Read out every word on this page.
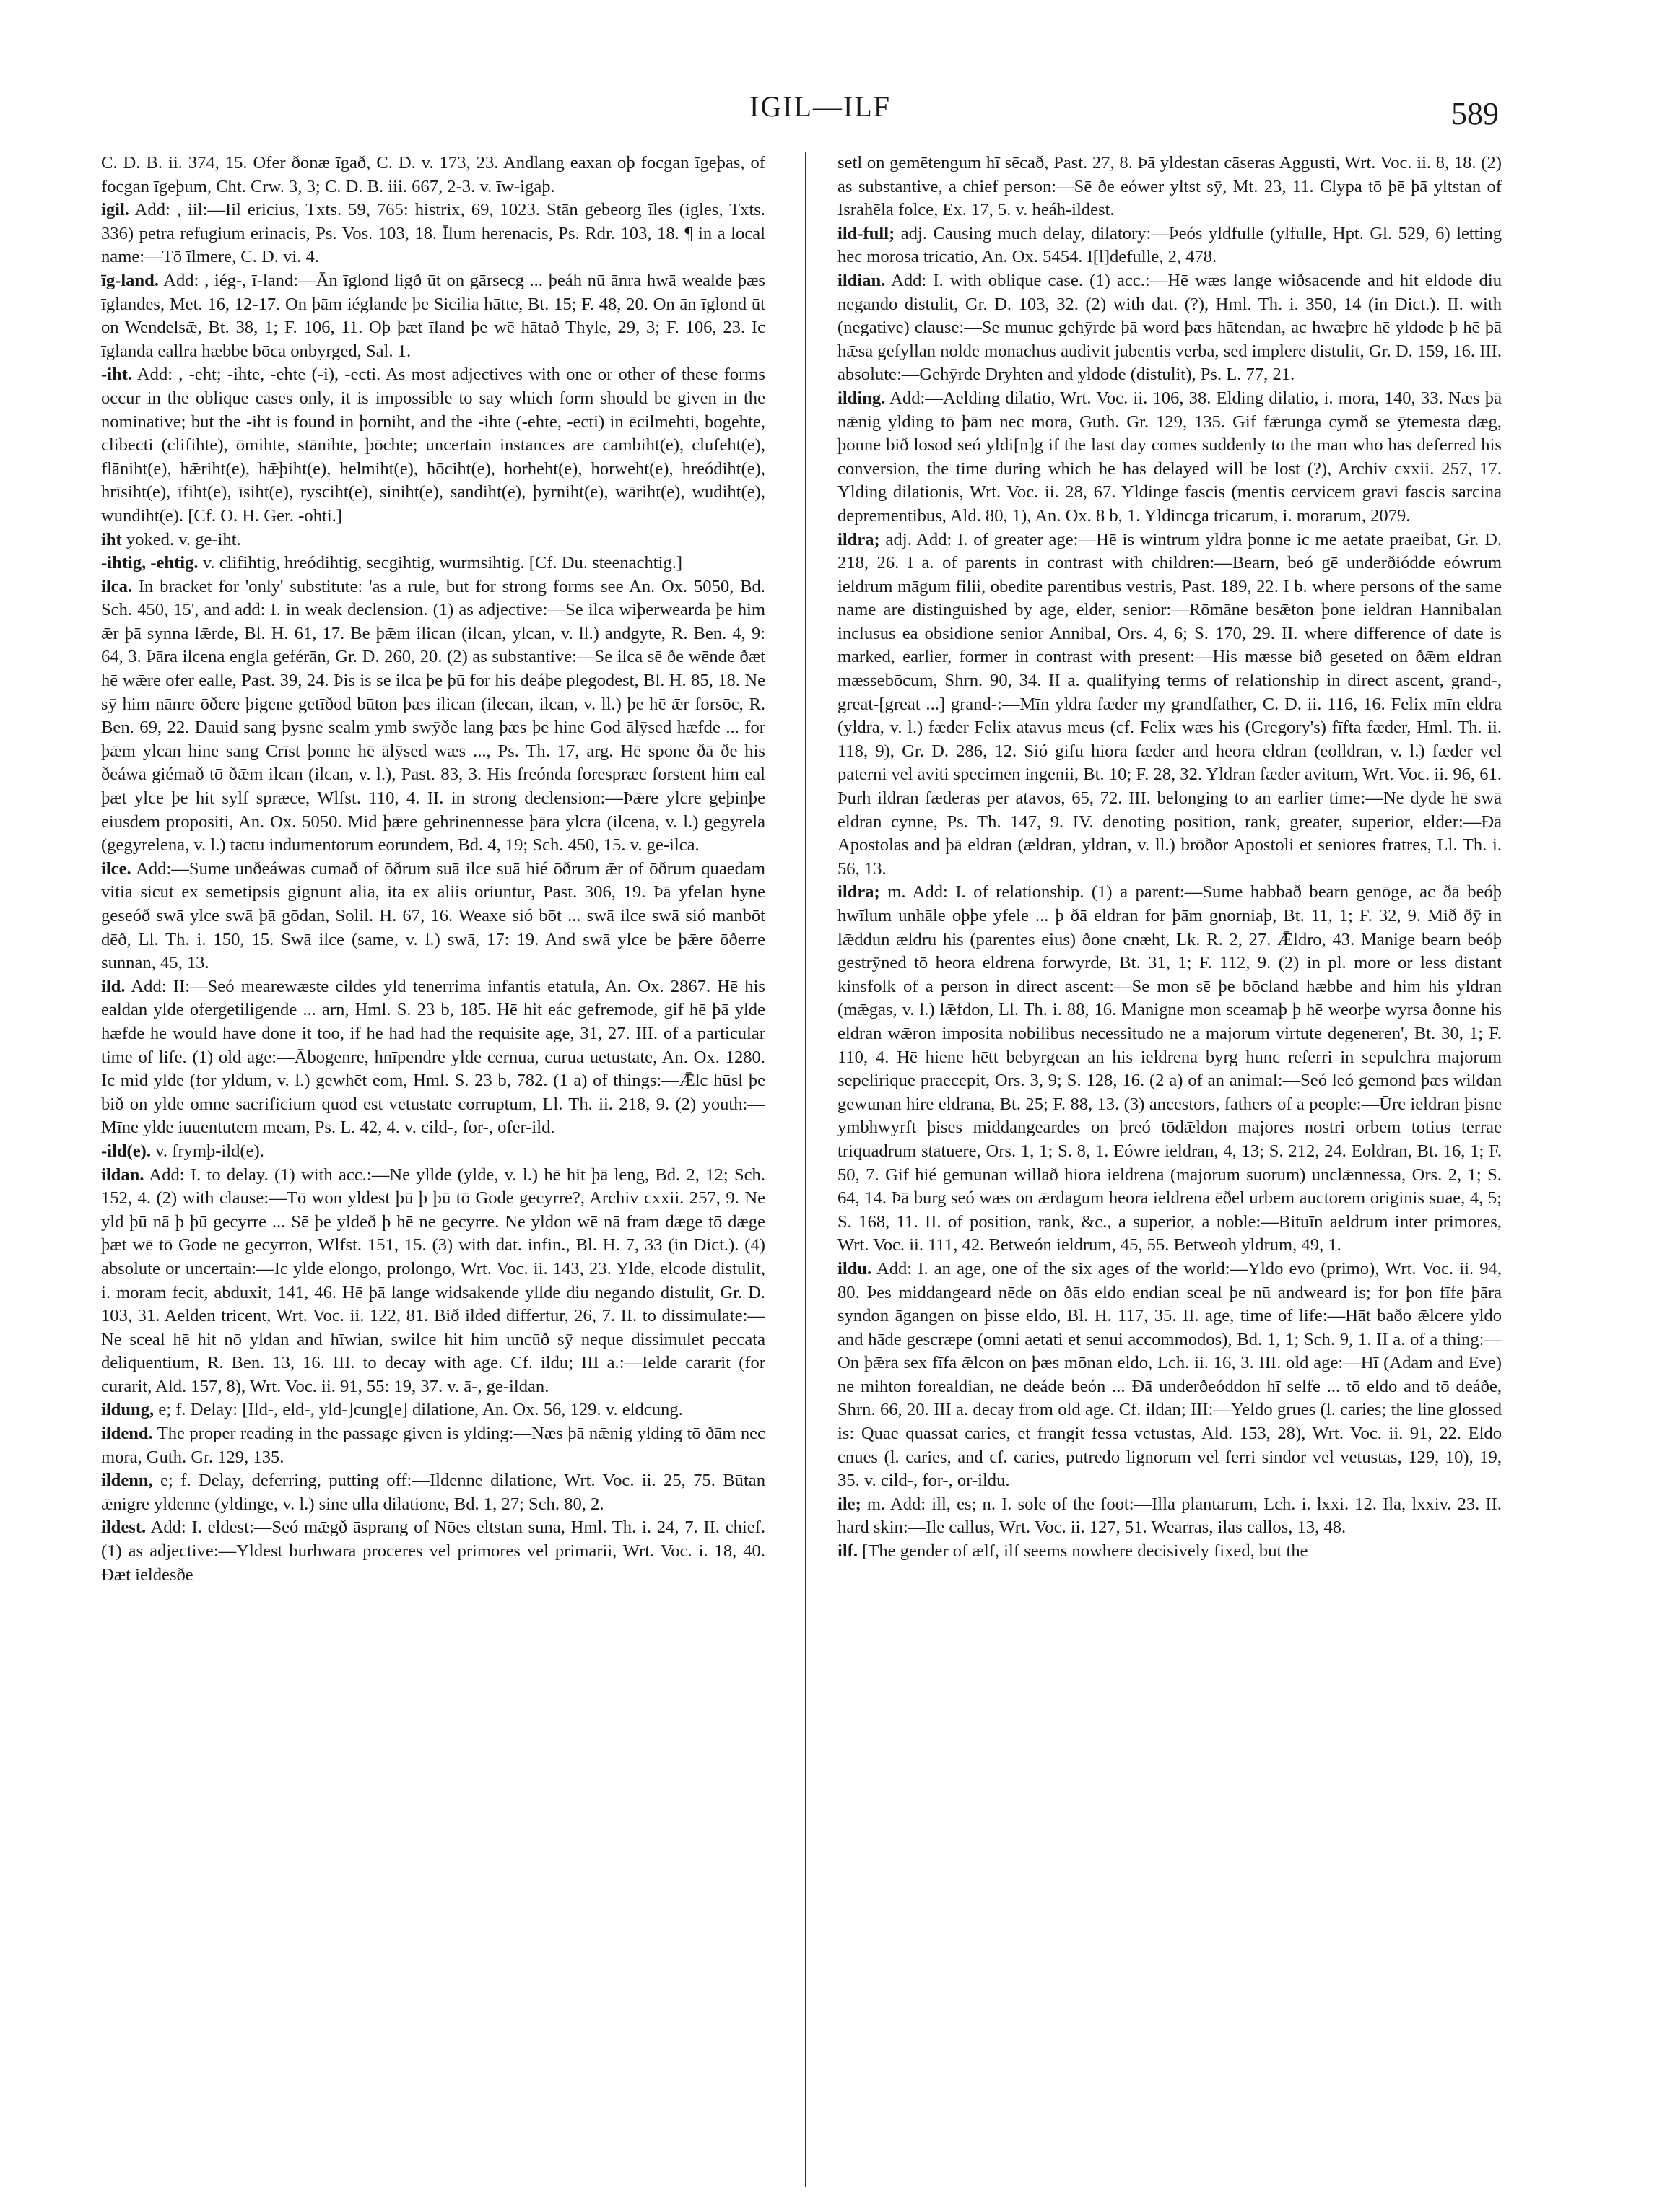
IGIL—ILF	589
C. D. B. ii. 374, 15. Ofer ðonæ īgað, C. D. v. 173, 23. Andlang eaxan oþ focgan īgeþas, of focgan īgeþum, Cht. Crw. 3, 3; C. D. B. iii. 667, 2-3. v. īw-igaþ.
igil. Add: , iil:—Iil ericius, Txts. 59, 765: histrix, 69, 1023. Stān gebeorg īles (igles, Txts. 336) petra refugium erinacis, Ps. Vos. 103, 18. Īlum herenacis, Ps. Rdr. 103, 18. ¶ in a local name:—Tō īlmere, C. D. vi. 4.
īg-land. Add: , iég-, ī-land:—Ān īglond ligð ūt on gārsecg ... þeáh nū ānra hwā wealde þæs īglandes, Met. 16, 12-17. On þām iéglande þe Sicilia hātte, Bt. 15; F. 48, 20. On ān īglond ūt on Wendelsǣ, Bt. 38, 1; F. 106, 11. Oþ þæt īland þe wē hātað Thyle, 29, 3; F. 106, 23. Ic īglanda eallra hæbbe bōca onbyrged, Sal. 1.
-iht. Add: , -eht; -ihte, -ehte (-i), -ecti. As most adjectives with one or other of these forms occur in the oblique cases only, it is impossible to say which form should be given in the nominative; but the -iht is found in þorniht, and the -ihte (-ehte, -ecti) in ēcilmehti, bogehte, clibecti (clifihte), ōmihte, stānihte, þōchte; uncertain instances are cambiht(e), clufeht(e), flāniht(e), hǣriht(e), hǣþiht(e), helmiht(e), hōciht(e), horheht(e), horweht(e), hreódiht(e), hrīsiht(e), īfiht(e), īsiht(e), rysciht(e), siniht(e), sandiht(e), þyrniht(e), wāriht(e), wudiht(e), wundiht(e). [Cf. O. H. Ger. -ohti.]
iht yoked. v. ge-iht.
-ihtig, -ehtig. v. clifihtig, hreódihtig, secgihtig, wurmsihtig. [Cf. Du. steenachtig.]
ilca. In bracket for 'only' substitute: 'as a rule, but for strong forms see An. Ox. 5050, Bd. Sch. 450, 15', and add: I. in weak declension. (1) as adjective:—Se ilca wiþerwearda þe him ǣr þā synna lǣrde, Bl. H. 61, 17. Be þǣm ilican (ilcan, ylcan, v. ll.) andgyte, R. Ben. 4, 9: 64, 3. Þāra ilcena engla geférān, Gr. D. 260, 20. (2) as substantive:—Se ilca sē ðe wēnde ðæt hē wǣre ofer ealle, Past. 39, 24. Þis is se ilca þe þū for his deáþe plegodest, Bl. H. 85, 18. Ne sȳ him nānre ōðere þigene getīðod būton þæs ilican (ilecan, ilcan, v. ll.) þe hē ǣr forsōc, R. Ben. 69, 22. Dauid sang þysne sealm ymb swȳðe lang þæs þe hine God ālȳsed hæfde ... for þǣm ylcan hine sang Crīst þonne hē ālȳsed wæs ..., Ps. Th. 17, arg. Hē spone ðā ðe his ðeáwa giémað tō ðǣm ilcan (ilcan, v. l.), Past. 83, 3. His freónda forespræc forstent him eal þæt ylce þe hit sylf spræce, Wlfst. 110, 4. II. in strong declension:—Þǣre ylcre geþinþe eiusdem propositi, An. Ox. 5050. Mid þǣre gehrinennesse þāra ylcra (ilcena, v. l.) gegyrela (gegyrelena, v. l.) tactu indumentorum eorundem, Bd. 4, 19; Sch. 450, 15. v. ge-ilca.
ilce. Add:—Sume unðeáwas cumað of ōðrum suā ilce suā hié ōðrum ǣr of ōðrum quaedam vitia sicut ex semetipsis gignunt alia, ita ex aliis oriuntur, Past. 306, 19. Þā yfelan hyne geseóð swā ylce swā þā gōdan, Solil. H. 67, 16. Weaxe sió bōt ... swā ilce swā sió manbōt dēð, Ll. Th. i. 150, 15. Swā ilce (same, v. l.) swā, 17: 19. And swā ylce be þǣre ōðerre sunnan, 45, 13.
ild. Add: II:—Seó mearewæste cildes yld tenerrima infantis etatula, An. Ox. 2867. Hē his ealdan ylde ofergetiligende ... arn, Hml. S. 23 b, 185. Hē hit eác gefremode, gif hē þā ylde hæfde he would have done it too, if he had had the requisite age, 31, 27. III. of a particular time of life. (1) old age:—Ābogenre, hnīpendre ylde cernua, curua uetustate, An. Ox. 1280. Ic mid ylde (for yldum, v. l.) gewhēt eom, Hml. S. 23 b, 782. (1 a) of things:—Ǣlc hūsl þe bið on ylde omne sacrificium quod est vetustate corruptum, Ll. Th. ii. 218, 9. (2) youth:—Mīne ylde iuuentutem meam, Ps. L. 42, 4. v. cild-, for-, ofer-ild.
-ild(e). v. frymþ-ild(e).
ildan. Add: I. to delay. (1) with acc.:—Ne yllde (ylde, v. l.) hē hit þā leng, Bd. 2, 12; Sch. 152, 4. (2) with clause:—Tō won yldest þū þ þū tō Gode gecyrre?, Archiv cxxii. 257, 9. Ne yld þū nā þ þū gecyrre ... Sē þe yldeð þ hē ne gecyrre. Ne yldon wē nā fram dæge tō dæge þæt wē tō Gode ne gecyrron, Wlfst. 151, 15. (3) with dat. infin., Bl. H. 7, 33 (in Dict.). (4) absolute or uncertain:—Ic ylde elongo, prolongo, Wrt. Voc. ii. 143, 23. Ylde, elcode distulit, i. moram fecit, abduxit, 141, 46. Hē þā lange widsakende yllde diu negando distulit, Gr. D. 103, 31. Aelden tricent, Wrt. Voc. ii. 122, 81. Bið ilded differtur, 26, 7. II. to dissimulate:—Ne sceal hē hit nō yldan and hīwian, swilce hit him uncūð sȳ neque dissimulet peccata deliquentium, R. Ben. 13, 16. III. to decay with age. Cf. ildu; III a.:—Ielde cararit (for curarit, Ald. 157, 8), Wrt. Voc. ii. 91, 55: 19, 37. v. ā-, ge-ildan.
ildung, e; f. Delay: [Ild-, eld-, yld-]cung[e] dilatione, An. Ox. 56, 129. v. eldcung.
ildend. The proper reading in the passage given is ylding:—Næs þā nǣnig ylding tō ðām nec mora, Guth. Gr. 129, 135.
ildenn, e; f. Delay, deferring, putting off:—Ildenne dilatione, Wrt. Voc. ii. 25, 75. Būtan ǣnigre yldenne (yldinge, v. l.) sine ulla dilatione, Bd. 1, 27; Sch. 80, 2.
ildest. Add: I. eldest:—Seó mǣgð āsprang of Nōes eltstan suna, Hml. Th. i. 24, 7. II. chief. (1) as adjective:—Yldest burhwara proceres vel primores vel primarii, Wrt. Voc. i. 18, 40. Ðæt ieldesðe
setl on gemētengum hī sēcað, Past. 27, 8. Þā yldestan cāseras Aggusti, Wrt. Voc. ii. 8, 18. (2) as substantive, a chief person:—Sē ðe eówer yltst sȳ, Mt. 23, 11. Clypa tō þē þā yltstan of Israhēla folce, Ex. 17, 5. v. heáh-ildest.
ild-full; adj. Causing much delay, dilatory:—Þeós yldfulle (ylfulle, Hpt. Gl. 529, 6) letting hec morosa tricatio, An. Ox. 5454. I[l]defulle, 2, 478.
ildian. Add: I. with oblique case. (1) acc.:—Hē wæs lange wiðsacende and hit eldode diu negando distulit, Gr. D. 103, 32. (2) with dat. (?), Hml. Th. i. 350, 14 (in Dict.). II. with (negative) clause:—Se munuc gehȳrde þā word þæs hātendan, ac hwæþre hē yldode þ hē þā hǣsa gefyllan nolde monachus audivit jubentis verba, sed implere distulit, Gr. D. 159, 16. III. absolute:—Gehȳrde Dryhten and yldode (distulit), Ps. L. 77, 21.
ilding. Add:—Aelding dilatio, Wrt. Voc. ii. 106, 38. Elding dilatio, i. mora, 140, 33. Næs þā nǣnig ylding tō þām nec mora, Guth. Gr. 129, 135. Gif fǣrunga cymð se ȳtemesta dæg, þonne bið losod seó yldi[n]g if the last day comes suddenly to the man who has deferred his conversion, the time during which he has delayed will be lost (?), Archiv cxxii. 257, 17. Ylding dilationis, Wrt. Voc. ii. 28, 67. Yldinge fascis (mentis cervicem gravi fascis sarcina deprementibus, Ald. 80, 1), An. Ox. 8 b, 1. Yldincga tricarum, i. morarum, 2079.
ildra; adj. Add: I. of greater age:—Hē is wintrum yldra þonne ic me aetate praeibat, Gr. D. 218, 26. I a. of parents in contrast with children:—Bearn, beó gē underðióddе eówrum ieldrum māgum filii, obedite parentibus vestris, Past. 189, 22. I b. where persons of the same name are distinguished by age, elder, senior:—Rōmāne besǣton þone ieldran Hannibalan inclusus ea obsidione senior Annibal, Ors. 4, 6; S. 170, 29. II. where difference of date is marked, earlier, former in contrast with present:—His mæsse bið geseted on ðǣm eldran mæssebōcum, Shrn. 90, 34. II a. qualifying terms of relationship in direct ascent, grand-, great-[great ...] grand-:—Mīn yldra fæder my grandfather, C. D. ii. 116, 16. Felix mīn eldra (yldra, v. l.) fæder Felix atavus meus (cf. Felix wæs his (Gregory's) fīfta fæder, Hml. Th. ii. 118, 9), Gr. D. 286, 12. Sió gifu hiora fæder and heora eldran (eolldran, v. l.) fæder vel paterni vel aviti specimen ingenii, Bt. 10; F. 28, 32. Yldran fæder avitum, Wrt. Voc. ii. 96, 61. Þurh ildran fæderas per atavos, 65, 72. III. belonging to an earlier time:—Ne dyde hē swā eldran cynne, Ps. Th. 147, 9. IV. denoting position, rank, greater, superior, elder:—Ðā Apostolas and þā eldran (ældran, yldran, v. ll.) brōðor Apostoli et seniores fratres, Ll. Th. i. 56, 13.
ildra; m. Add: I. of relationship. (1) a parent:—Sume habbað bearn genōge, ac ðā beóþ hwīlum unhāle oþþe yfele ... þ ðā eldran for þām gnorniaþ, Bt. 11, 1; F. 32, 9. Mið ðȳ in lǣddun ældru his (parentes eius) ðone cnæht, Lk. R. 2, 27. Ǣldro, 43. Manige bearn beóþ gestrȳned tō heora eldrena forwyrde, Bt. 31, 1; F. 112, 9. (2) in pl. more or less distant kinsfolk of a person in direct ascent:—Se mon sē þe bōcland hæbbe and him his yldran (mǣgas, v. l.) lǣfdon, Ll. Th. i. 88, 16. Manigne mon sceamaþ þ hē weorþe wyrsa ðonne his eldran wǣron imposita nobilibus necessitudo ne a majorum virtute degeneren', Bt. 30, 1; F. 110, 4. Hē hiene hētt bebyrgean an his ieldrena byrg hunc referri in sepulchra majorum sepelirique praecepit, Ors. 3, 9; S. 128, 16. (2 a) of an animal:—Seó leó gemond þæs wildan gewunan hire eldrana, Bt. 25; F. 88, 13. (3) ancestors, fathers of a people:—Ūre ieldran þisne ymbhwyrft þises middangeardes on þreó tōdǣldon majores nostri orbem totius terrae triquadrum statuere, Ors. 1, 1; S. 8, 1. Eówre ieldran, 4, 13; S. 212, 24. Eoldran, Bt. 16, 1; F. 50, 7. Gif hié gemunan willað hiora ieldrena (majorum suorum) unclǣnnessa, Ors. 2, 1; S. 64, 14. Þā burg seó wæs on ǣrdagum heora ieldrena ēðel urbem auctorem originis suae, 4, 5; S. 168, 11. II. of position, rank, &c., a superior, a noble:—Bituīn aeldrum inter primores, Wrt. Voc. ii. 111, 42. Betweón ieldrum, 45, 55. Betweoh yldrum, 49, 1.
ildu. Add: I. an age, one of the six ages of the world:—Yldo evo (primo), Wrt. Voc. ii. 94, 80. Þes middangeard nēde on ðās eldo endian sceal þe nū andweard is; for þon fīfe þāra syndon āgangen on þisse eldo, Bl. H. 117, 35. II. age, time of life:—Hāt baðo ǣlcere yldo and hāde gescræpe (omni aetati et senui accommodos), Bd. 1, 1; Sch. 9, 1. II a. of a thing:—On þǣra sex fīfa ǣlcon on þæs mōnan eldo, Lch. ii. 16, 3. III. old age:—Hī (Adam and Eve) ne mihton forealdian, ne deáde beón ... Ðā underðeóddon hī selfe ... tō eldo and tō deáðe, Shrn. 66, 20. III a. decay from old age. Cf. ildan; III:—Yeldo grues (l. caries; the line glossed is: Quae quassat caries, et frangit fessa vetustas, Ald. 153, 28), Wrt. Voc. ii. 91, 22. Eldo cnues (l. caries, and cf. caries, putredo lignorum vel ferri sindor vel vetustas, 129, 10), 19, 35. v. cild-, for-, or-ildu.
ile; m. Add: ill, es; n. I. sole of the foot:—Illa plantarum, Lch. i. lxxi. 12. Ila, lxxiv. 23. II. hard skin:—Ile callus, Wrt. Voc. ii. 127, 51. Wearras, ilas callos, 13, 48.
ilf. [The gender of ælf, ilf seems nowhere decisively fixed, but the
